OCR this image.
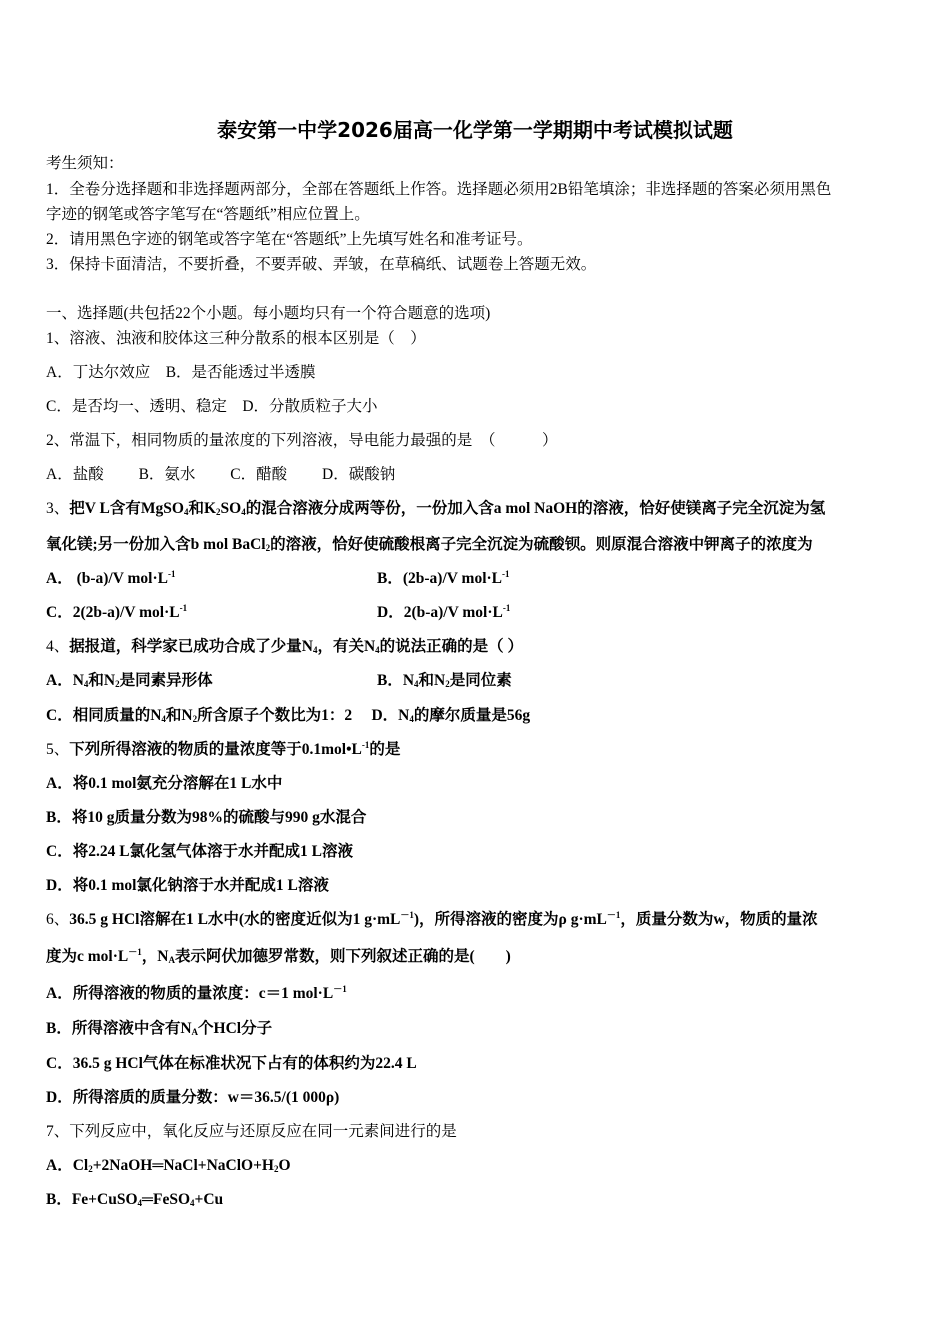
泰安第一中学2026届高一化学第一学期期中考试模拟试题
考生须知：
1．全卷分选择题和非选择题两部分，全部在答题纸上作答。选择题必须用2B铅笔填涂；非选择题的答案必须用黑色
字迹的钢笔或答字笔写在“答题纸”相应位置上。
2．请用黑色字迹的钢笔或答字笔在“答题纸”上先填写姓名和准考证号。
3．保持卡面清洁，不要折叠，不要弄破、弄皱，在草稿纸、试题卷上答题无效。
一、选择题(共包括22个小题。每小题均只有一个符合题意的选项)
1、溶液、浊液和胶体这三种分散系的根本区别是（　）
A．丁达尔效应　B．是否能透过半透膜
C．是否均一、透明、稳定　D．分散质粒子大小
2、常温下，相同物质的量浓度的下列溶液，导电能力最强的是　（　　　）
A．盐酸　　 B．氨水　　 C．醋酸　　 D．碳酸钠
3、把V L含有MgSO$_4$和$K_2SO_4$的混合溶液分成两等份，一份加入含a mol NaOH的溶液，恰好使镁离子完全沉淀为氢
氧化镁;另一份加入含b mol BaCl$_2$的溶液，恰好使硫酸根离子完全沉淀为硫酸钡。则原混合溶液中钾离子的浓度为
A． (b-a)/V $mol\cdot L^{-1}$	B．(2b-a)/V $mol\cdot L^{-1}$
C．2(2b-a)/V $mol\cdot L^{-1}$	D．2(b-a)/V $mol\cdot L^{-1}$
4、据报道，科学家已成功合成了少量$N_4$，有关$N_4$的说法正确的是（ ）
A．$N_4$和$N_2$是同素异形体	B．$N_4$和$N_2$是同位素
C．相同质量的$N_4$和$N_2$所含原子个数比为1：2　 D．$N_4$的摩尔质量是56g
5、下列所得溶液的物质的量浓度等于$0.1mol•L^{-1}$的是
A．将0.1 mol氨充分溶解在1 L水中
B．将10 g质量分数为98%的硫酸与990 g水混合
C．将2.24 L氯化氢气体溶于水并配成1 L溶液
D．将0.1 mol氯化钠溶于水并配成1 L溶液
6、36.5 g HCl溶解在1 L水中(水的密度近似为1 $g\cdot mL^{-1}$)，所得溶液的密度为ρ $g\cdot mL^{-1}$，质量分数为w，物质的量浓
度为c $mol\cdot L^{-1}$，$N_A$表示阿伏加德罗常数，则下列叙述正确的是(　　)
A．所得溶液的物质的量浓度：c＝1 $mol\cdot L^{-1}$
B．所得溶液中含有$N_A$个HCl分子
C．36.5 g HCl气体在标准状况下占有的体积约为22.4 L
D．所得溶质的质量分数：w＝36.5/(1 000ρ)
7、下列反应中，氧化反应与还原反应在同一元素间进行的是
A．$Cl_2+2NaOH═NaCl+NaClO+H_2O$
B．Fe+CuSO$_4$═FeSO$_4$+Cu
